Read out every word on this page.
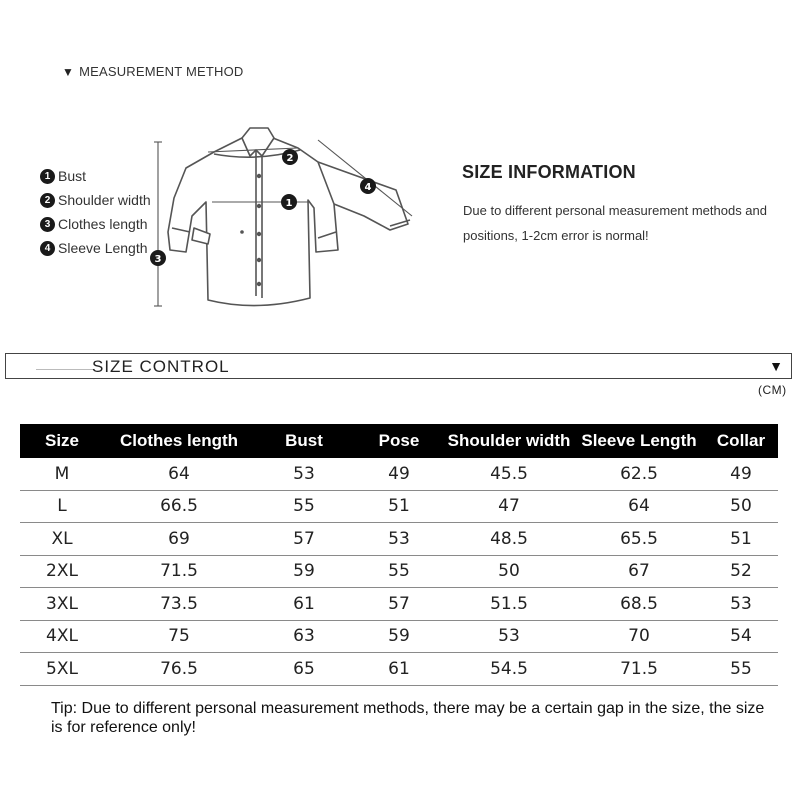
▼ MEASUREMENT METHOD
1 Bust
2 Shoulder width
3 Clothes length
4 Sleeve Length
3
1
2
4
SIZE INFORMATION
Due to different personal measurement methods and positions, 1-2cm error is normal!
SIZE CONTROL	▼
(CM)
Size	Clothes length	Bust	Pose	Shoulder width	Sleeve Length	Collar
M	64	53	49	45.5	62.5	49
L	66.5	55	51	47	64	50
XL	69	57	53	48.5	65.5	51
2XL	71.5	59	55	50	67	52
3XL	73.5	61	57	51.5	68.5	53
4XL	75	63	59	53	70	54
5XL	76.5	65	61	54.5	71.5	55
Tip: Due to different personal measurement methods, there may be a certain gap in the size, the size is for reference only!
